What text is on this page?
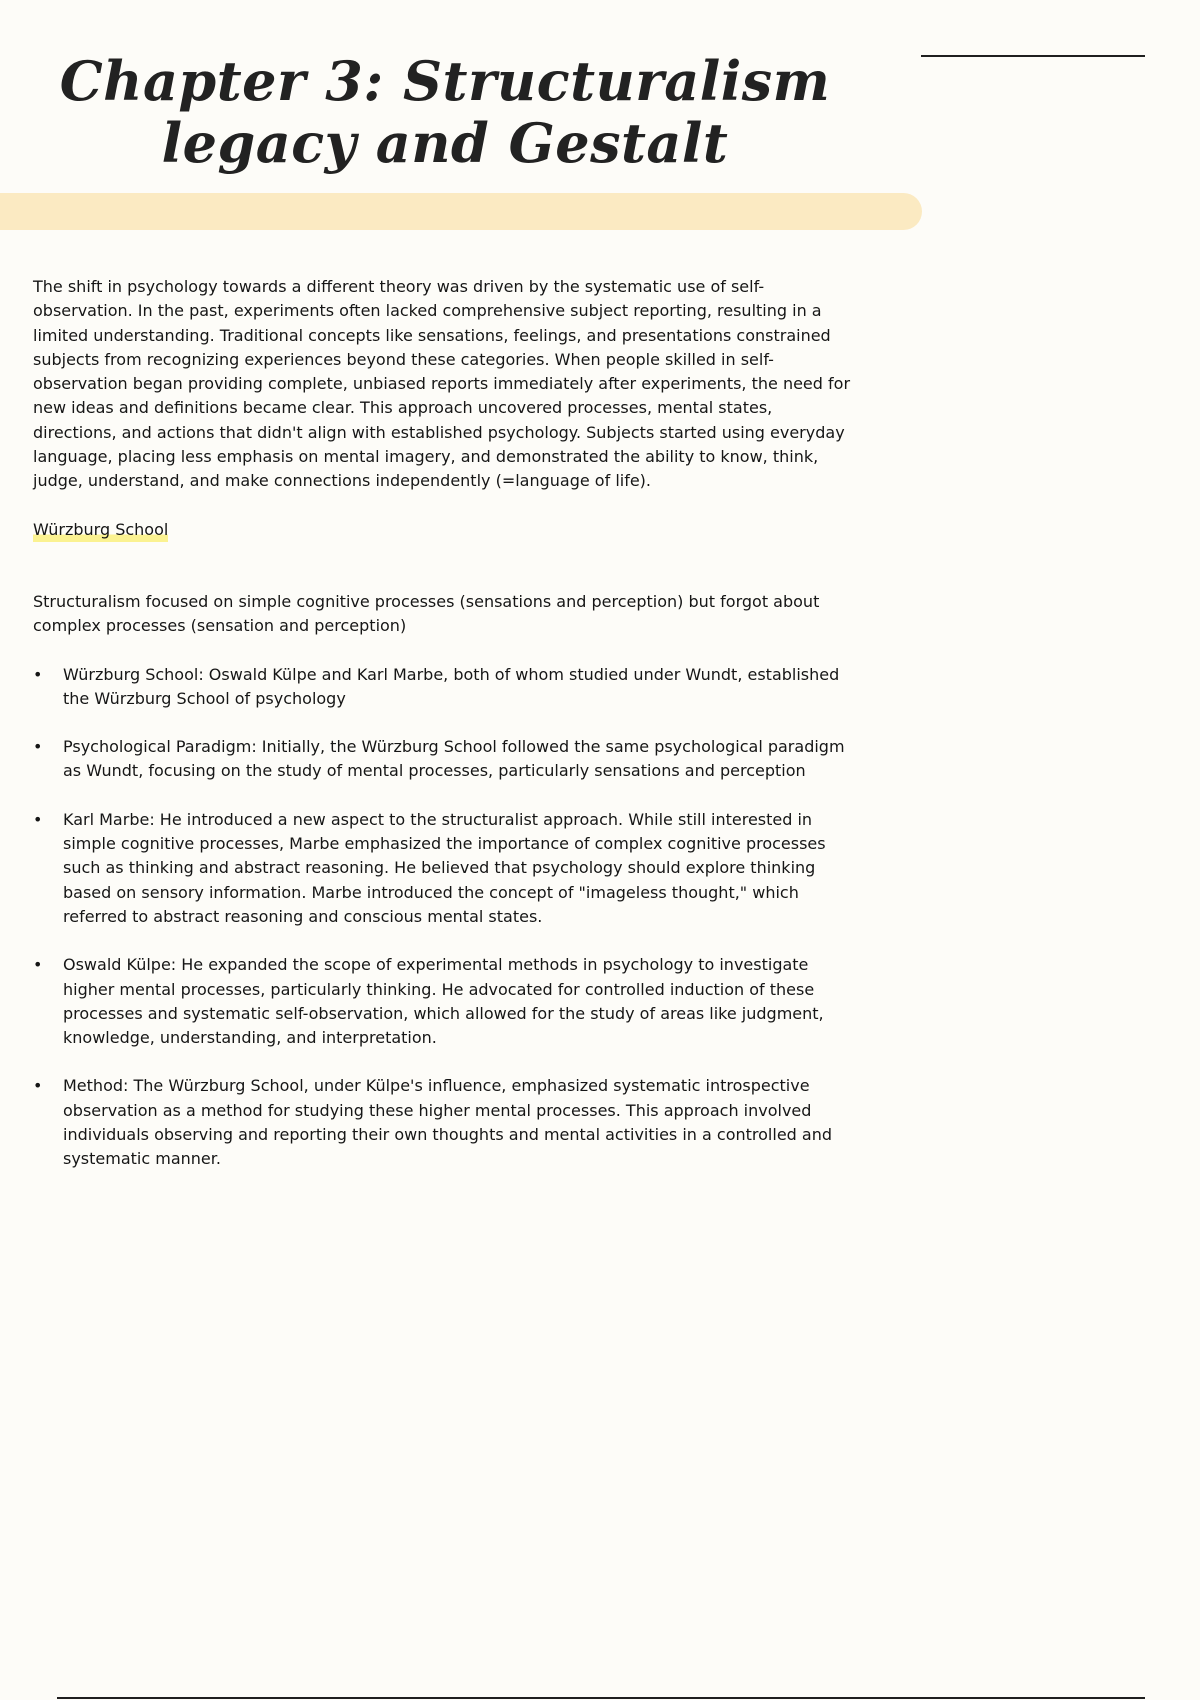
Chapter 3: Structuralism
legacy and Gestalt

The shift in psychology towards a different theory was driven by the systematic use of self-observation. In the past, experiments often lacked comprehensive subject reporting, resulting in a limited understanding. Traditional concepts like sensations, feelings, and presentations constrained subjects from recognizing experiences beyond these categories. When people skilled in self-observation began providing complete, unbiased reports immediately after experiments, the need for new ideas and definitions became clear. This approach uncovered processes, mental states, directions, and actions that didn't align with established psychology. Subjects started using everyday language, placing less emphasis on mental imagery, and demonstrated the ability to know, think, judge, understand, and make connections independently (=language of life).

Würzburg School

Structuralism focused on simple cognitive processes (sensations and perception) but forgot about complex processes (sensation and perception)

• Würzburg School: Oswald Külpe and Karl Marbe, both of whom studied under Wundt, established the Würzburg School of psychology
• Psychological Paradigm: Initially, the Würzburg School followed the same psychological paradigm as Wundt, focusing on the study of mental processes, particularly sensations and perception
• Karl Marbe: He introduced a new aspect to the structuralist approach. While still interested in simple cognitive processes, Marbe emphasized the importance of complex cognitive processes such as thinking and abstract reasoning. He believed that psychology should explore thinking based on sensory information. Marbe introduced the concept of "imageless thought," which referred to abstract reasoning and conscious mental states.
• Oswald Külpe: He expanded the scope of experimental methods in psychology to investigate higher mental processes, particularly thinking. He advocated for controlled induction of these processes and systematic self-observation, which allowed for the study of areas like judgment, knowledge, understanding, and interpretation.
• Method: The Würzburg School, under Külpe's influence, emphasized systematic introspective observation as a method for studying these higher mental processes. This approach involved individuals observing and reporting their own thoughts and mental activities in a controlled and systematic manner.
